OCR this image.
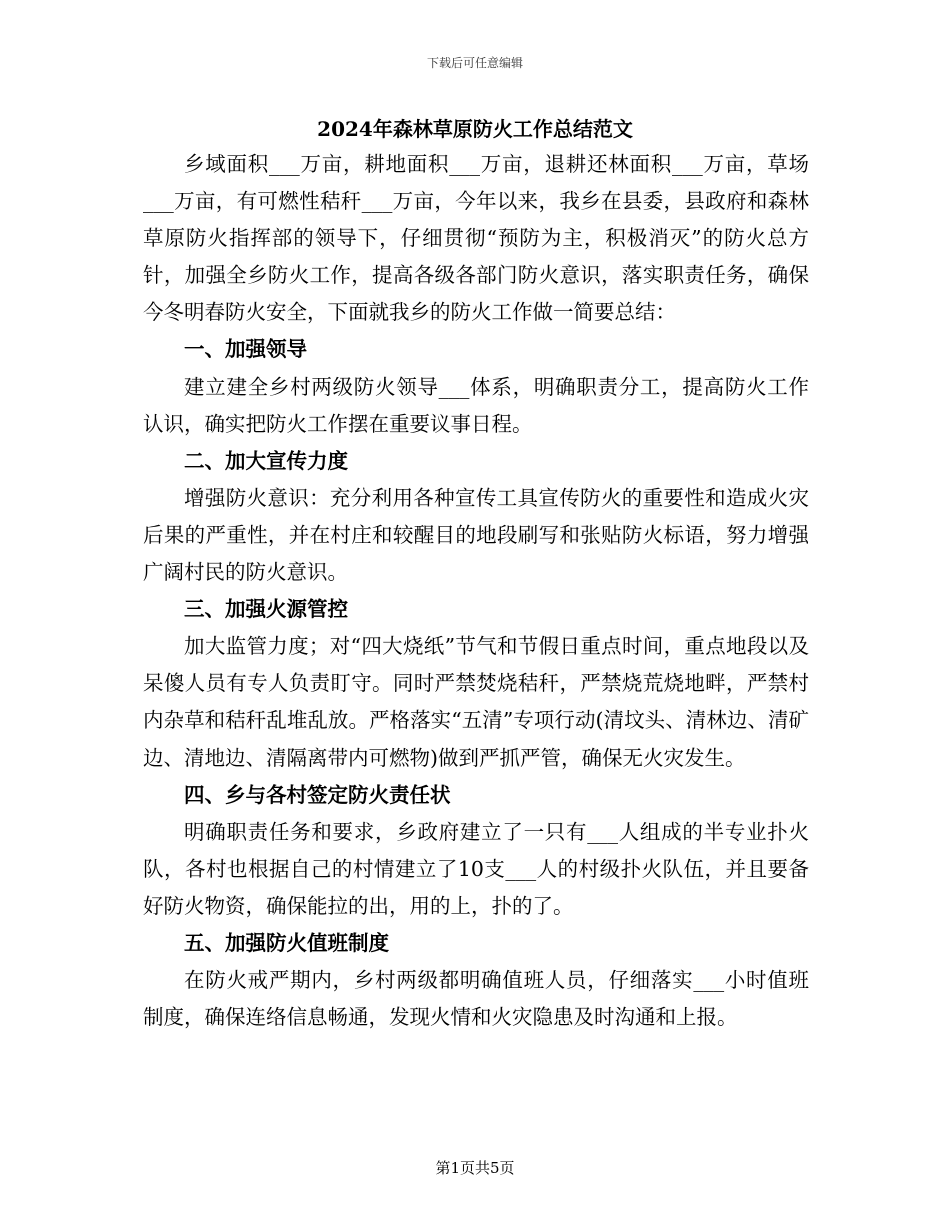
下载后可任意编辑
2024年森林草原防火工作总结范文

乡域面积___万亩，耕地面积___万亩，退耕还林面积___万亩，草场___万亩，有可燃性秸秆___万亩，今年以来，我乡在县委，县政府和森林草原防火指挥部的领导下，仔细贯彻“预防为主，积极消灭”的防火总方针，加强全乡防火工作，提高各级各部门防火意识，落实职责任务，确保今冬明春防火安全，下面就我乡的防火工作做一简要总结：

一、加强领导

建立建全乡村两级防火领导___体系，明确职责分工，提高防火工作认识，确实把防火工作摆在重要议事日程。

二、加大宣传力度

增强防火意识：充分利用各种宣传工具宣传防火的重要性和造成火灾后果的严重性，并在村庄和较醒目的地段刷写和张贴防火标语，努力增强广阔村民的防火意识。

三、加强火源管控

加大监管力度；对“四大烧纸”节气和节假日重点时间，重点地段以及呆傻人员有专人负责盯守。同时严禁焚烧秸秆，严禁烧荒烧地畔，严禁村内杂草和秸秆乱堆乱放。严格落实“五清”专项行动(清坟头、清林边、清矿边、清地边、清隔离带内可燃物)做到严抓严管，确保无火灾发生。

四、乡与各村签定防火责任状

明确职责任务和要求，乡政府建立了一只有___人组成的半专业扑火队，各村也根据自己的村情建立了10支___人的村级扑火队伍，并且要备好防火物资，确保能拉的出，用的上，扑的了。

五、加强防火值班制度

在防火戒严期内，乡村两级都明确值班人员，仔细落实___小时值班制度，确保连络信息畅通，发现火情和火灾隐患及时沟通和上报。

第1页共5页
